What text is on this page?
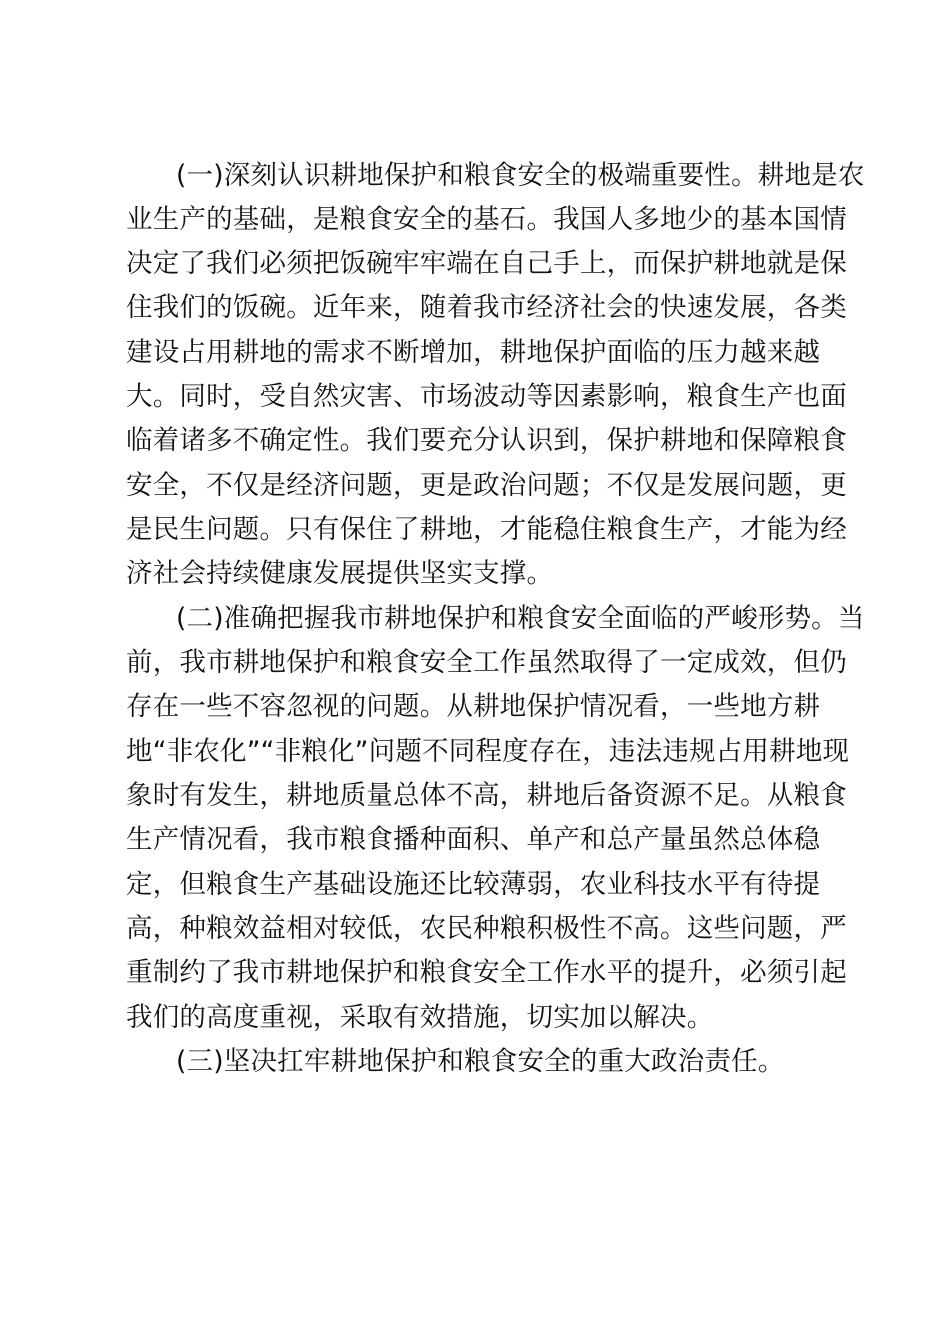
(一)深刻认识耕地保护和粮食安全的极端重要性。耕地是农
业生产的基础，是粮食安全的基石。我国人多地少的基本国情
决定了我们必须把饭碗牢牢端在自己手上，而保护耕地就是保
住我们的饭碗。近年来，随着我市经济社会的快速发展，各类
建设占用耕地的需求不断增加，耕地保护面临的压力越来越
大。同时，受自然灾害、市场波动等因素影响，粮食生产也面
临着诸多不确定性。我们要充分认识到，保护耕地和保障粮食
安全，不仅是经济问题，更是政治问题；不仅是发展问题，更
是民生问题。只有保住了耕地，才能稳住粮食生产，才能为经
济社会持续健康发展提供坚实支撑。
(二)准确把握我市耕地保护和粮食安全面临的严峻形势。当
前，我市耕地保护和粮食安全工作虽然取得了一定成效，但仍
存在一些不容忽视的问题。从耕地保护情况看，一些地方耕
地“非农化”“非粮化”问题不同程度存在，违法违规占用耕地现
象时有发生，耕地质量总体不高，耕地后备资源不足。从粮食
生产情况看，我市粮食播种面积、单产和总产量虽然总体稳
定，但粮食生产基础设施还比较薄弱，农业科技水平有待提
高，种粮效益相对较低，农民种粮积极性不高。这些问题，严
重制约了我市耕地保护和粮食安全工作水平的提升，必须引起
我们的高度重视，采取有效措施，切实加以解决。
(三)坚决扛牢耕地保护和粮食安全的重大政治责任。
